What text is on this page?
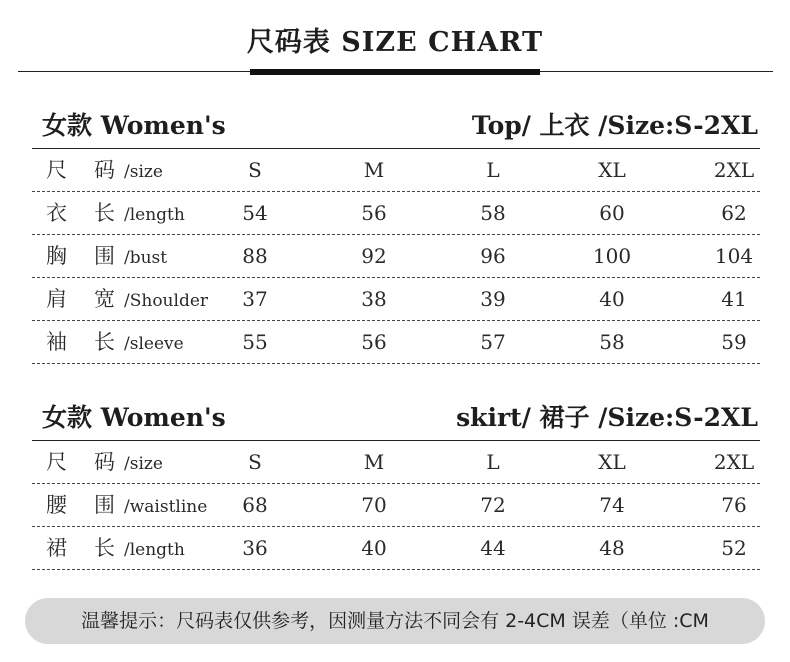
尺码表 SIZE CHART
女款 Women's	Top/ 上衣 /Size:S-2XL
尺 码 /size	S	M	L	XL	2XL
衣 长 /length	54	56	58	60	62
胸 围 /bust	88	92	96	100	104
肩 宽 /Shoulder	37	38	39	40	41
袖 长 /sleeve	55	56	57	58	59
女款 Women's	skirt/ 裙子 /Size:S-2XL
尺 码 /size	S	M	L	XL	2XL
腰 围 /waistline	68	70	72	74	76
裙 长 /length	36	40	44	48	52
温馨提示：尺码表仅供参考，因测量方法不同会有 2-4CM 误差（单位 :CM
